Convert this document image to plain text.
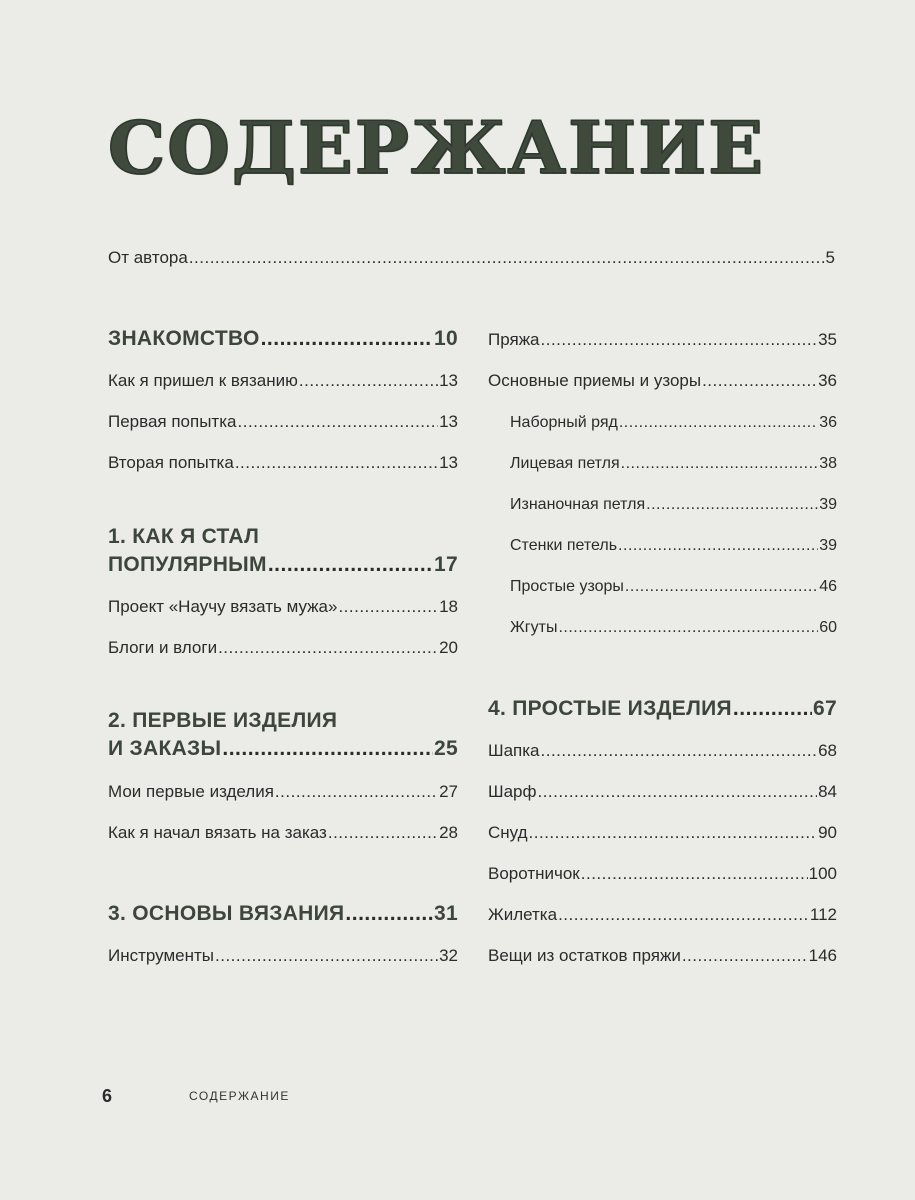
СОДЕРЖАНИЕ
От автора .....	5
ЗНАКОМСТВО .....	10
Как я пришел к вязанию .....	13
Первая попытка .....	13
Вторая попытка .....	13
1. КАК Я СТАЛ
ПОПУЛЯРНЫМ .....	17
Проект «Научу вязать мужа» .....	18
Блоги и влоги .....	20
2. ПЕРВЫЕ ИЗДЕЛИЯ
И ЗАКАЗЫ .....	25
Мои первые изделия .....	27
Как я начал вязать на заказ .....	28
3. ОСНОВЫ ВЯЗАНИЯ .....	31
Инструменты .....	32
Пряжа .....	35
Основные приемы и узоры .....	36
Наборный ряд .....	36
Лицевая петля .....	38
Изнаночная петля .....	39
Стенки петель .....	39
Простые узоры .....	46
Жгуты .....	60
4. ПРОСТЫЕ ИЗДЕЛИЯ .....	67
Шапка .....	68
Шарф .....	84
Снуд .....	90
Воротничок .....	100
Жилетка .....	112
Вещи из остатков пряжи .....	146
6	СОДЕРЖАНИЕ
